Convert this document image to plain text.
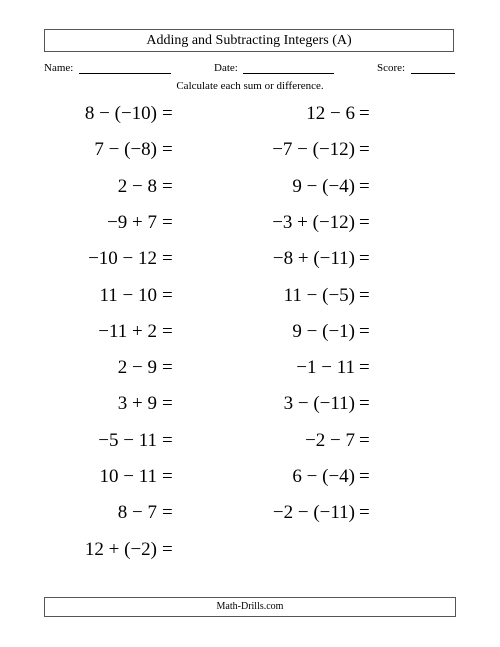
Adding and Subtracting Integers (A)
Name:	Date:	Score:
Calculate each sum or difference.
8 − (−10) =
7 − (−8) =
2 − 8 =
−9 + 7 =
−10 − 12 =
11 − 10 =
−11 + 2 =
2 − 9 =
3 + 9 =
−5 − 11 =
10 − 11 =
8 − 7 =
12 + (−2) =
12 − 6 =
−7 − (−12) =
9 − (−4) =
−3 + (−12) =
−8 + (−11) =
11 − (−5) =
9 − (−1) =
−1 − 11 =
3 − (−11) =
−2 − 7 =
6 − (−4) =
−2 − (−11) =
Math-Drills.com
